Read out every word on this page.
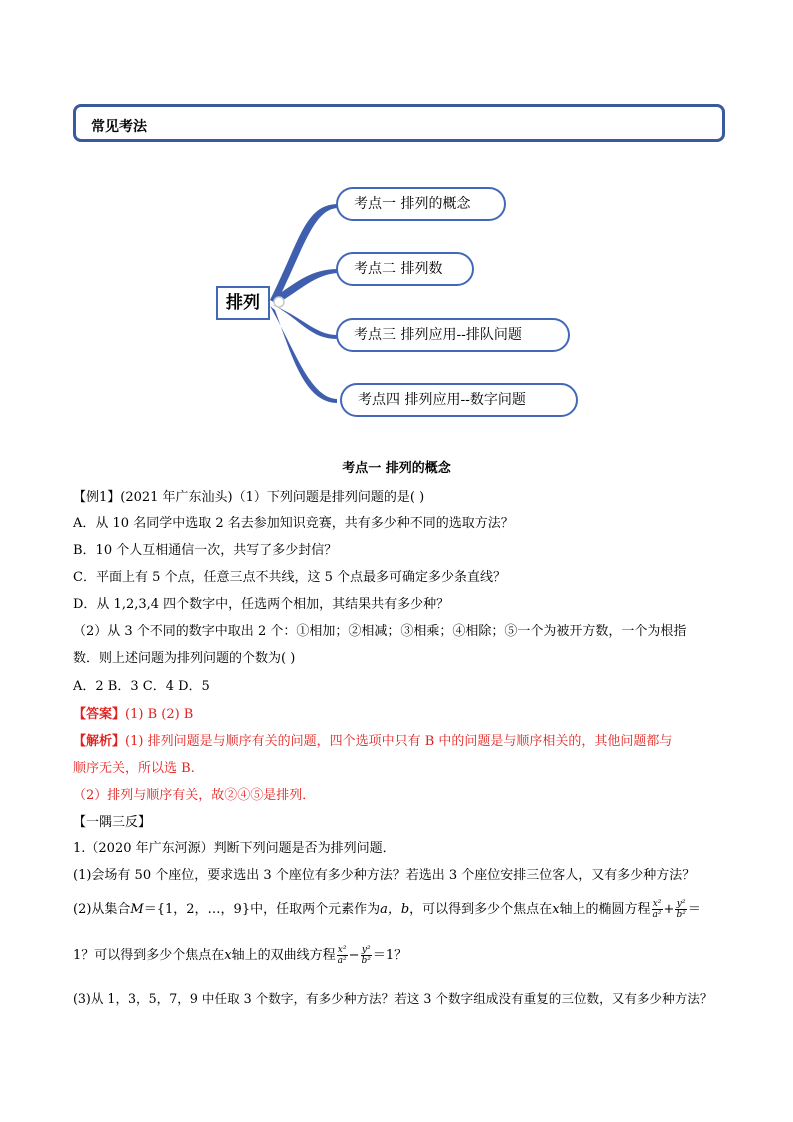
常见考法
排列
考点一 排列的概念
考点二 排列数
考点三 排列应用--排队问题
考点四 排列应用--数字问题
考点一 排列的概念
【例1】(2021 年广东汕头)（1）下列问题是排列问题的是( )
A．从 10 名同学中选取 2 名去参加知识竞赛，共有多少种不同的选取方法？
B．10 个人互相通信一次，共写了多少封信？
C．平面上有 5 个点，任意三点不共线，这 5 个点最多可确定多少条直线？
D．从 1,2,3,4 四个数字中，任选两个相加，其结果共有多少种？
（2）从 3 个不同的数字中取出 2 个：①相加；②相减；③相乘；④相除；⑤一个为被开方数，一个为根指
数．则上述问题为排列问题的个数为( )
A．2 B．3 C．4 D．5
【答案】(1) B (2) B
【解析】(1) 排列问题是与顺序有关的问题，四个选项中只有 B 中的问题是与顺序相关的，其他问题都与
顺序无关，所以选 B.
（2）排列与顺序有关，故②④⑤是排列．
【一隅三反】
1.（2020 年广东河源）判断下列问题是否为排列问题．
(1)会场有 50 个座位，要求选出 3 个座位有多少种方法？若选出 3 个座位安排三位客人，又有多少种方法？
(2)从集合M＝{1，2，…，9}中，任取两个元素作为a，b，可以得到多少个焦点在x轴上的椭圆方程 $\frac{\text{x²}}{\text{a²}} + \frac{\text{y²}}{\text{b²}}$ ＝
1？可以得到多少个焦点在x轴上的双曲线方程 $\frac{\text{x²}}{\text{a²}} - \frac{\text{y²}}{\text{b²}} =1$？
(3)从 1，3，5，7，9 中任取 3 个数字，有多少种方法？若这 3 个数字组成没有重复的三位数，又有多少种方法？
